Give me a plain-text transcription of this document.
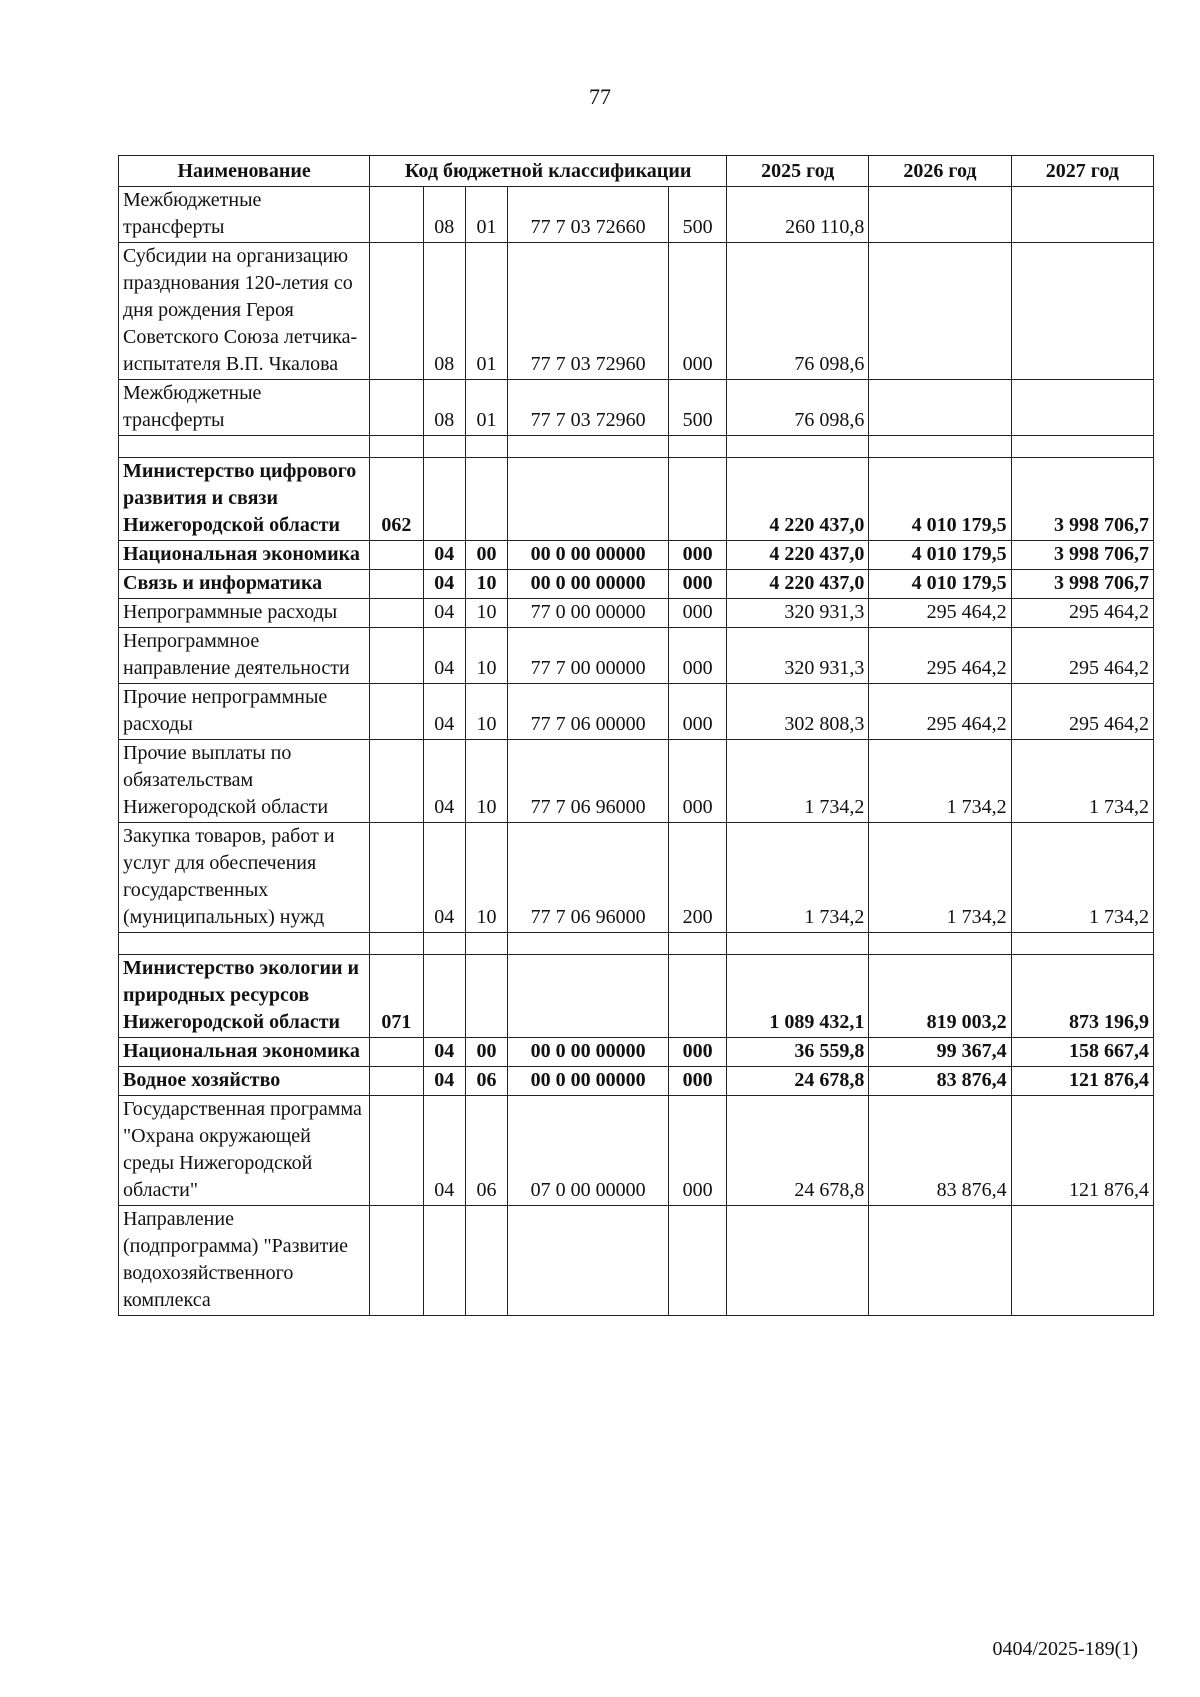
77
Наименование	Код бюджетной классификации					2025 год	2026 год	2027 год
Межбюджетные трансферты		08	01	77 7 03 72660	500	260 110,8		
Субсидии на организацию празднования 120-летия со дня рождения Героя Советского Союза летчика-испытателя В.П. Чкалова		08	01	77 7 03 72960	000	76 098,6		
Межбюджетные трансферты		08	01	77 7 03 72960	500	76 098,6		

Министерство цифрового развития и связи Нижегородской области	062					4 220 437,0	4 010 179,5	3 998 706,7
Национальная экономика		04	00	00 0 00 00000	000	4 220 437,0	4 010 179,5	3 998 706,7
Связь и информатика		04	10	00 0 00 00000	000	4 220 437,0	4 010 179,5	3 998 706,7
Непрограммные расходы		04	10	77 0 00 00000	000	320 931,3	295 464,2	295 464,2
Непрограммное направление деятельности		04	10	77 7 00 00000	000	320 931,3	295 464,2	295 464,2
Прочие непрограммные расходы		04	10	77 7 06 00000	000	302 808,3	295 464,2	295 464,2
Прочие выплаты по обязательствам Нижегородской области		04	10	77 7 06 96000	000	1 734,2	1 734,2	1 734,2
Закупка товаров, работ и услуг для обеспечения государственных (муниципальных) нужд		04	10	77 7 06 96000	200	1 734,2	1 734,2	1 734,2

Министерство экологии и природных ресурсов Нижегородской области	071					1 089 432,1	819 003,2	873 196,9
Национальная экономика		04	00	00 0 00 00000	000	36 559,8	99 367,4	158 667,4
Водное хозяйство		04	06	00 0 00 00000	000	24 678,8	83 876,4	121 876,4
Государственная программа "Охрана окружающей среды Нижегородской области"		04	06	07 0 00 00000	000	24 678,8	83 876,4	121 876,4
Направление (подпрограмма) "Развитие водохозяйственного комплекса								
0404/2025-189(1)
